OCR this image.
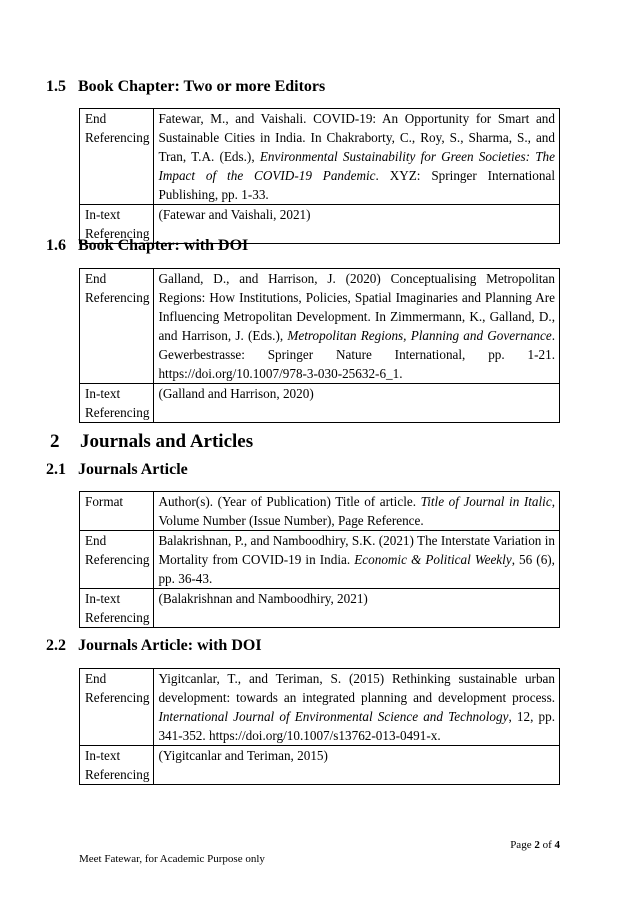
1.5 Book Chapter: Two or more Editors
End Referencing	Fatewar, M., and Vaishali. COVID-19: An Opportunity for Smart and Sustainable Cities in India. In Chakraborty, C., Roy, S., Sharma, S., and Tran, T.A. (Eds.), Environmental Sustainability for Green Societies: The Impact of the COVID-19 Pandemic. XYZ: Springer International Publishing, pp. 1-33.
In-text Referencing	(Fatewar and Vaishali, 2021)
1.6 Book Chapter: with DOI
End Referencing	Galland, D., and Harrison, J. (2020) Conceptualising Metropolitan Regions: How Institutions, Policies, Spatial Imaginaries and Planning Are Influencing Metropolitan Development. In Zimmermann, K., Galland, D., and Harrison, J. (Eds.), Metropolitan Regions, Planning and Governance. Gewerbestrasse: Springer Nature International, pp. 1-21. https://doi.org/10.1007/978-3-030-25632-6_1.
In-text Referencing	(Galland and Harrison, 2020)
2 Journals and Articles
2.1 Journals Article
Format	Author(s). (Year of Publication) Title of article. Title of Journal in Italic, Volume Number (Issue Number), Page Reference.
End Referencing	Balakrishnan, P., and Namboodhiry, S.K. (2021) The Interstate Variation in Mortality from COVID-19 in India. Economic & Political Weekly, 56 (6), pp. 36-43.
In-text Referencing	(Balakrishnan and Namboodhiry, 2021)
2.2 Journals Article: with DOI
End Referencing	Yigitcanlar, T., and Teriman, S. (2015) Rethinking sustainable urban development: towards an integrated planning and development process. International Journal of Environmental Science and Technology, 12, pp. 341-352. https://doi.org/10.1007/s13762-013-0491-x.
In-text Referencing	(Yigitcanlar and Teriman, 2015)
Page 2 of 4
Meet Fatewar, for Academic Purpose only
